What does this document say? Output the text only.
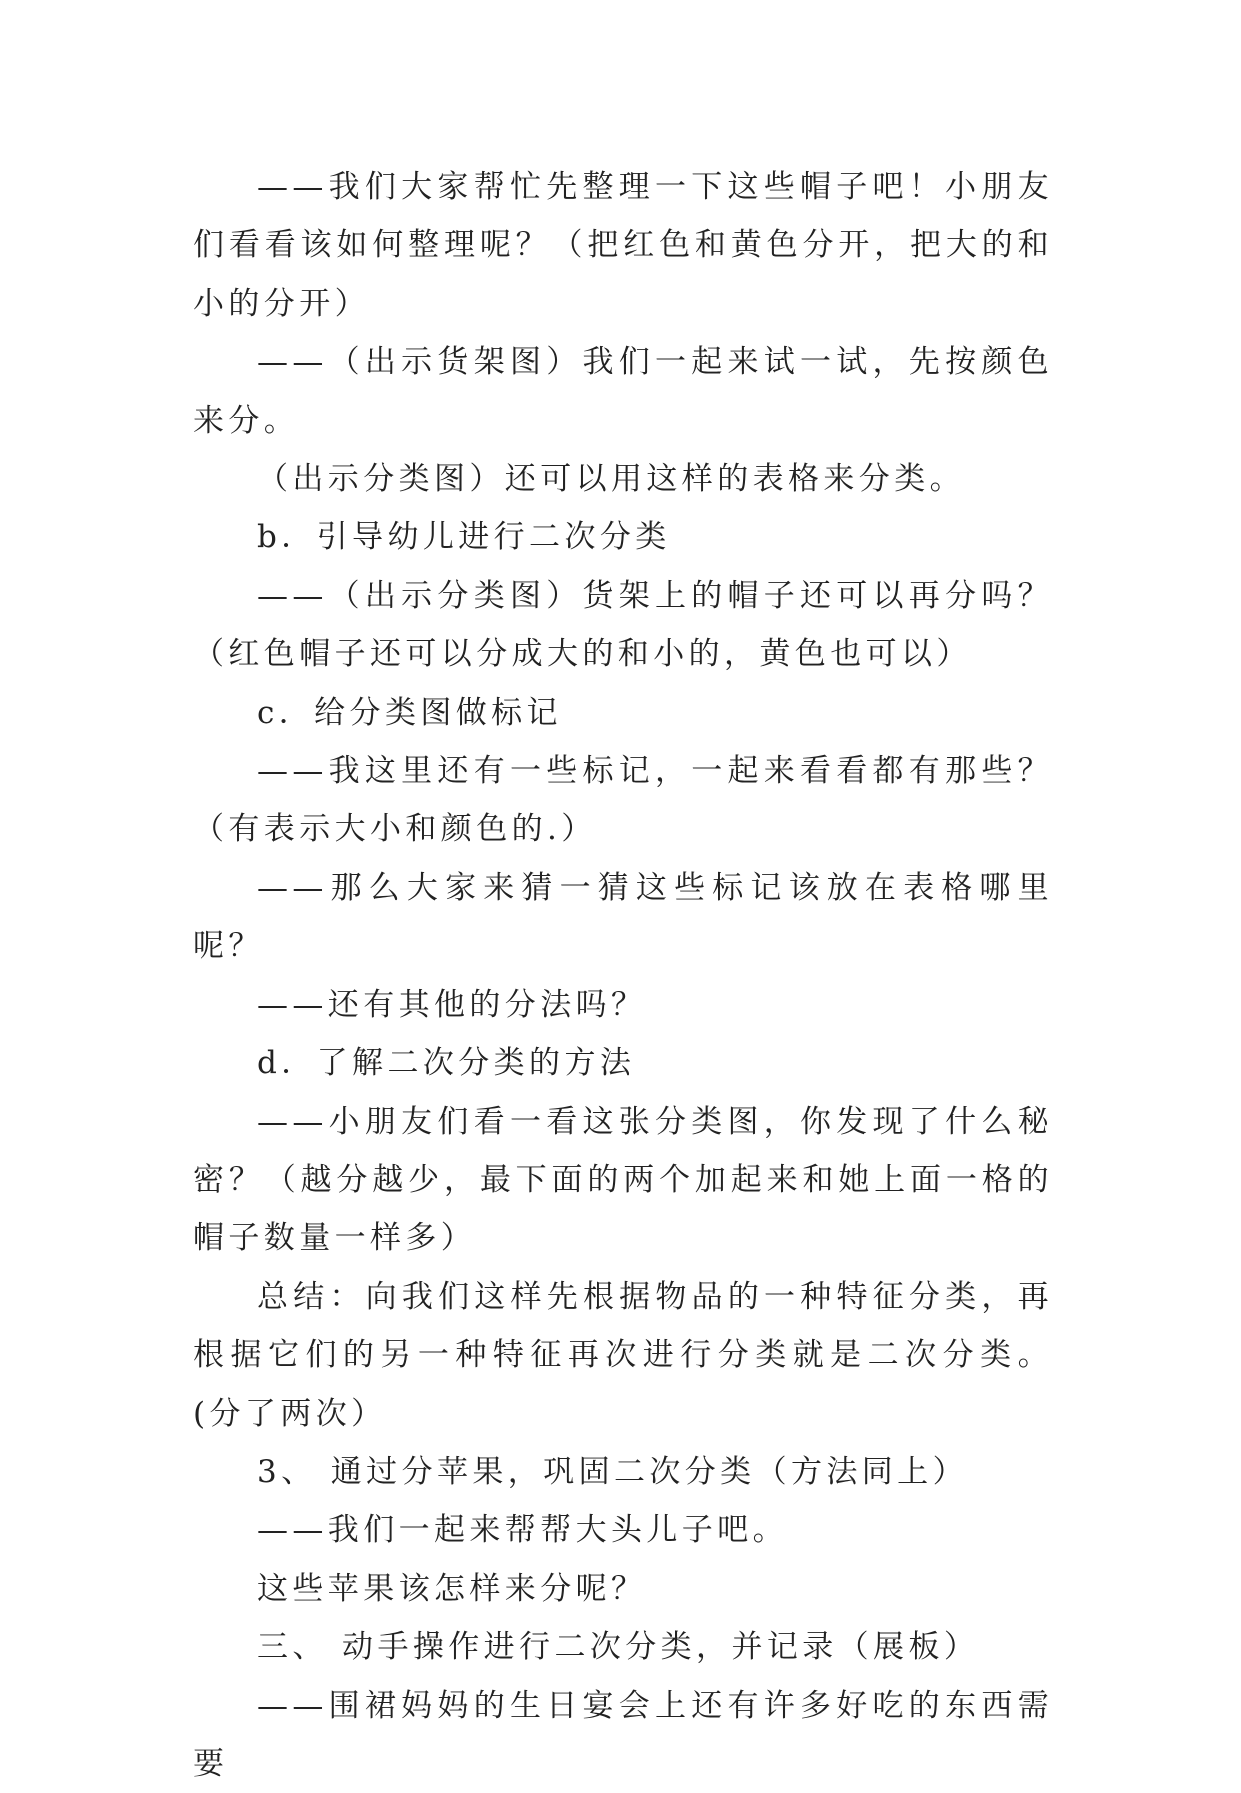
——我们大家帮忙先整理一下这些帽子吧！小朋友们看看该如何整理呢？（把红色和黄色分开，把大的和小的分开）

——（出示货架图）我们一起来试一试，先按颜色来分。

（出示分类图）还可以用这样的表格来分类。

b．引导幼儿进行二次分类

——（出示分类图）货架上的帽子还可以再分吗？（红色帽子还可以分成大的和小的，黄色也可以）

c．给分类图做标记

——我这里还有一些标记，一起来看看都有那些？（有表示大小和颜色的.）

——那么大家来猜一猜这些标记该放在表格哪里呢？

——还有其他的分法吗？

d．了解二次分类的方法

——小朋友们看一看这张分类图，你发现了什么秘密？（越分越少，最下面的两个加起来和她上面一格的帽子数量一样多）

总结：向我们这样先根据物品的一种特征分类，再根据它们的另一种特征再次进行分类就是二次分类。(分了两次）

3、 通过分苹果，巩固二次分类（方法同上）

——我们一起来帮帮大头儿子吧。

这些苹果该怎样来分呢？

三、 动手操作进行二次分类，并记录（展板）

——围裙妈妈的生日宴会上还有许多好吃的东西需要
